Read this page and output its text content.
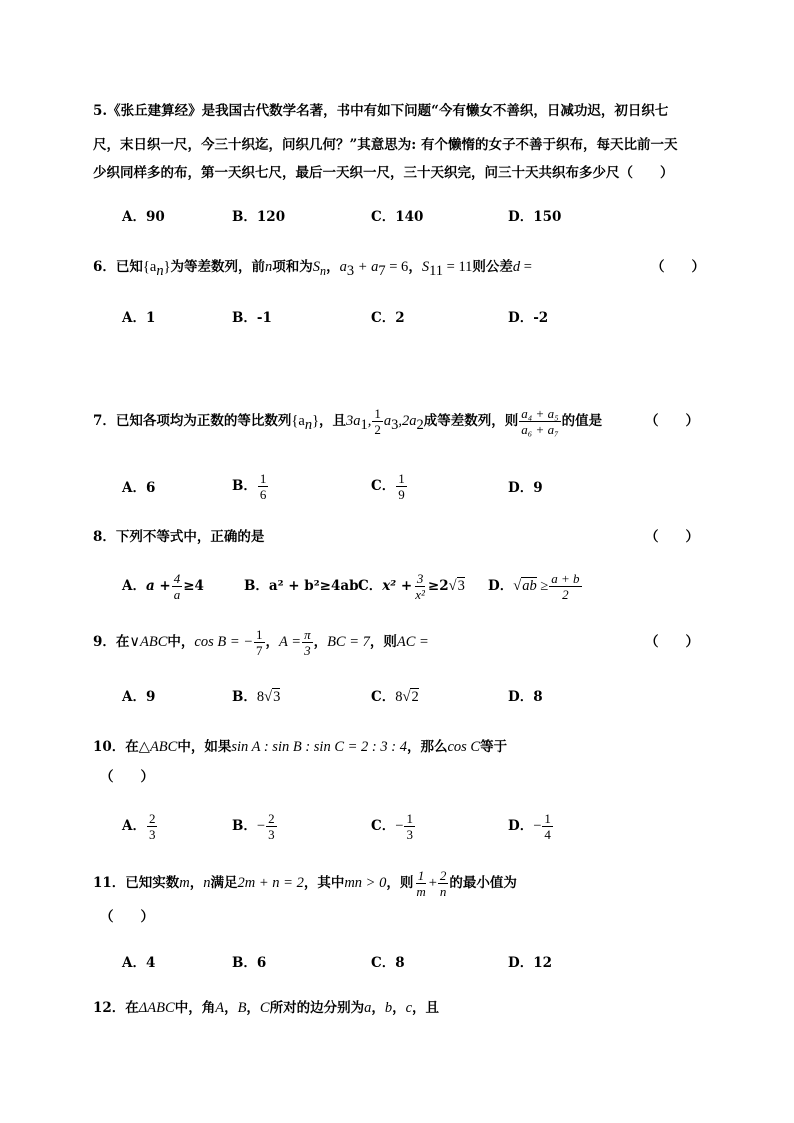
5.《张丘建算经》是我国古代数学名著，书中有如下问题“今有懒女不善织，日减功迟，初日织七
尺，末日织一尺，今三十织迄，问织几何？”其意思为: 有个懒惰的女子不善于织布，每天比前一天
少织同样多的布，第一天织七尺，最后一天织一尺，三十天织完，问三十天共织布多少尺（　　）
A．90	B．120	C．140	D．150
6．已知$\{a_n\}$为等差数列，前n项和为$S_n$，$a_3 + a_7 = 6$，$S_{11} = 11$则公差d =	（　　）
A．1	B．-1	C．2	D．-2
7．已知各项均为正数的等比数列$\{a_n\}$，且$3a_1$, $\frac{1}{2} a_3,2a_2$成等差数列，则 $\frac{\text{a₄ + a₅}}{\text{a₆ + a₇}}$ 的值是	（　　）
A．6	B． $\frac{1}{6}$	C． $\frac{1}{9}$	D．9
8．下列不等式中，正确的是	（　　）
A．$a + \frac{4}{a} \ge 4$	B．a² + b²≥4ab C．$x^2 + \frac{3}{\text{x²}} \ge 2√3$ D．$√ab \ge \frac{a + b}{2}$
9．在∨ABC中，cos B = − $\frac{1}{7}$ ，$A = \frac{\pi}{3}$ ，BC = 7，则AC =	（　　）
A．9	B．8√3	C．8√2	D．8
10．在△ABC中，如果sin A : sin B : sin C = 2 : 3 : 4，那么cos C等于
（　　）
A． $\frac{2}{3}$	B．− $\frac{2}{3}$	C．− $\frac{1}{3}$	D．− $\frac{1}{4}$
11．已知实数m，n满足2m + n = 2，其中mn > 0，则 $\frac{1}{m} + \frac{2}{n}$ 的最小值为
（　　）
A．4	B．6	C．8	D．12
12．在ΔABC中，角A，B，C所对的边分别为a，b，c，且
